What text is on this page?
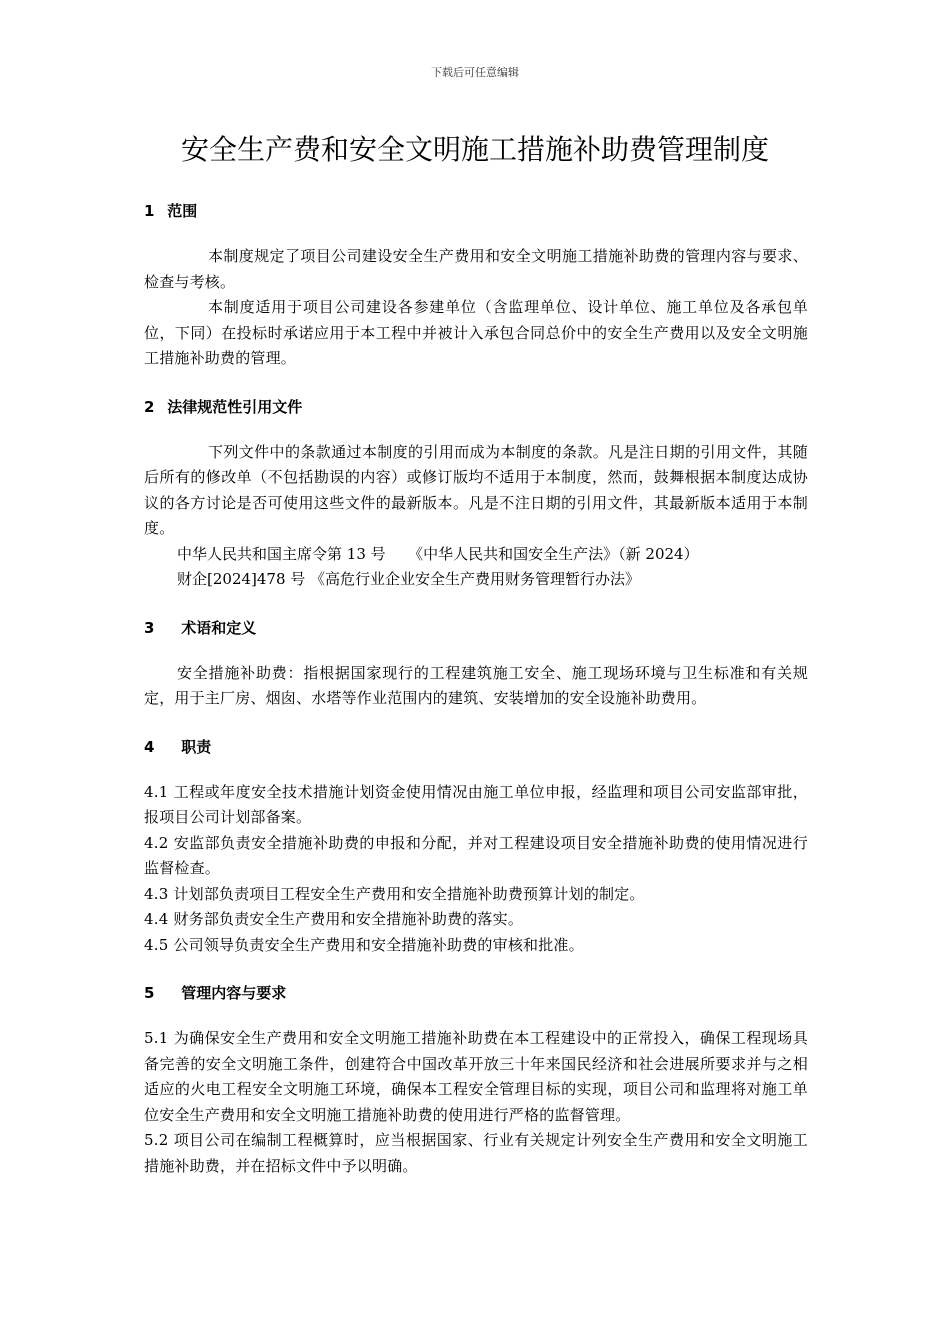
下载后可任意编辑
安全生产费和安全文明施工措施补助费管理制度

1 范围

本制度规定了项目公司建设安全生产费用和安全文明施工措施补助费的管理内容与要求、检查与考核。

本制度适用于项目公司建设各参建单位（含监理单位、设计单位、施工单位及各承包单位，下同）在投标时承诺应用于本工程中并被计入承包合同总价中的安全生产费用以及安全文明施工措施补助费的管理。

2 法律规范性引用文件

下列文件中的条款通过本制度的引用而成为本制度的条款。凡是注日期的引用文件，其随后所有的修改单（不包括勘误的内容）或修订版均不适用于本制度，然而，鼓舞根据本制度达成协议的各方讨论是否可使用这些文件的最新版本。凡是不注日期的引用文件，其最新版本适用于本制度。

中华人民共和国主席令第 13 号　　《中华人民共和国安全生产法》（新 2024）

财企[2024]478 号 《高危行业企业安全生产费用财务管理暂行办法》

3 术语和定义

安全措施补助费：指根据国家现行的工程建筑施工安全、施工现场环境与卫生标准和有关规定，用于主厂房、烟囱、水塔等作业范围内的建筑、安装增加的安全设施补助费用。

4 职责

4.1 工程或年度安全技术措施计划资金使用情况由施工单位申报，经监理和项目公司安监部审批，报项目公司计划部备案。

4.2 安监部负责安全措施补助费的申报和分配，并对工程建设项目安全措施补助费的使用情况进行监督检查。

4.3 计划部负责项目工程安全生产费用和安全措施补助费预算计划的制定。

4.4 财务部负责安全生产费用和安全措施补助费的落实。

4.5 公司领导负责安全生产费用和安全措施补助费的审核和批准。

5 管理内容与要求

5.1 为确保安全生产费用和安全文明施工措施补助费在本工程建设中的正常投入，确保工程现场具备完善的安全文明施工条件，创建符合中国改革开放三十年来国民经济和社会进展所要求并与之相适应的火电工程安全文明施工环境，确保本工程安全管理目标的实现，项目公司和监理将对施工单位安全生产费用和安全文明施工措施补助费的使用进行严格的监督管理。

5.2 项目公司在编制工程概算时，应当根据国家、行业有关规定计列安全生产费用和安全文明施工措施补助费，并在招标文件中予以明确。
